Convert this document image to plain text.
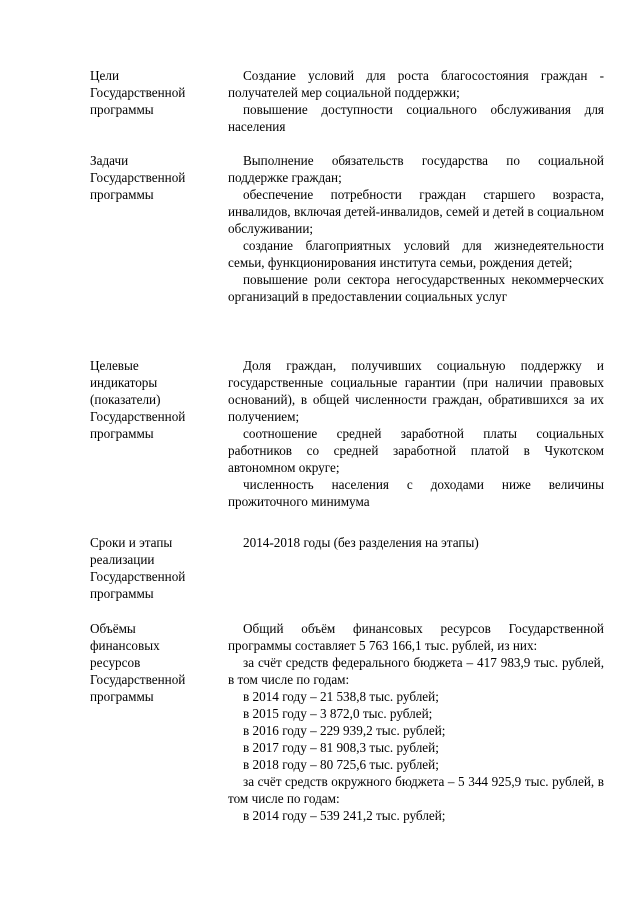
Цели

Государственной

программы

Создание условий для роста благосостояния граждан - получателей мер социальной поддержки;

повышение доступности социального обслуживания для населения

Задачи

Государственной

программы

Выполнение обязательств государства по социальной поддержке граждан;

обеспечение потребности граждан старшего возраста, инвалидов, включая детей-инвалидов, семей и детей в социальном обслуживании;

создание благоприятных условий для жизнедеятельности семьи, функционирования института семьи, рождения детей;

повышение роли сектора негосударственных некоммерческих организаций в предоставлении социальных услуг

Целевые

индикаторы

(показатели)

Государственной

программы

Доля граждан, получивших социальную поддержку и государственные социальные гарантии (при наличии правовых оснований), в общей численности граждан, обратившихся за их получением;

соотношение средней заработной платы социальных работников со средней заработной платой в Чукотском автономном округе;

численность населения с доходами ниже величины прожиточного минимума

Сроки и этапы

реализации

Государственной

программы

2014-2018 годы (без разделения на этапы)

Объёмы

финансовых

ресурсов

Государственной

программы

Общий объём финансовых ресурсов Государственной программы составляет 5 763 166,1 тыс. рублей, из них:

за счёт средств федерального бюджета – 417 983,9 тыс. рублей, в том числе по годам:

в 2014 году – 21 538,8 тыс. рублей;

в 2015 году – 3 872,0 тыс. рублей;

в 2016 году – 229 939,2 тыс. рублей;

в 2017 году – 81 908,3 тыс. рублей;

в 2018 году – 80 725,6 тыс. рублей;

за счёт средств окружного бюджета – 5 344 925,9 тыс. рублей, в том числе по годам:

в 2014 году – 539 241,2 тыс. рублей;
